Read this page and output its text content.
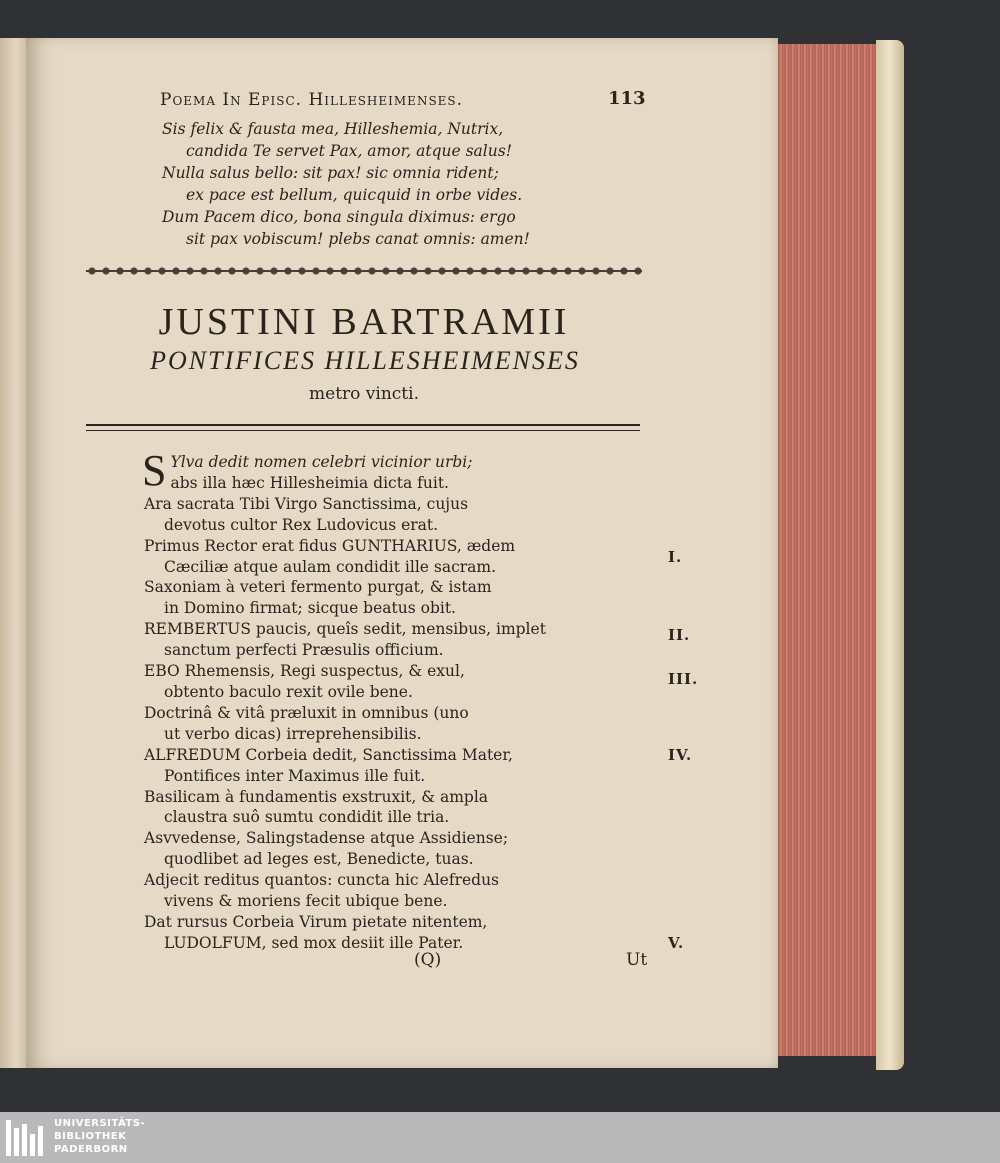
Poema In Episc. Hillesheimenses.	113
Sis felix & fausta mea, Hilleshemia, Nutrix,
candida Te servet Pax, amor, atque salus!
Nulla salus bello: sit pax! sic omnia rident;
ex pace est bellum, quicquid in orbe vides.
Dum Pacem dico, bona singula diximus: ergo
sit pax vobiscum! plebs canat omnis: amen!
JUSTINI BARTRAMII
PONTIFICES HILLESHEIMENSES
metro vincti.
S Ylva dedit nomen celebri vicinior urbi;
abs illa hæc Hillesheimia dicta fuit.
Ara sacrata Tibi Virgo Sanctissima, cujus
devotus cultor Rex Ludovicus erat.
Primus Rector erat fidus GUNTHARIUS, ædem
Cæciliæ atque aulam condidit ille sacram.
Saxoniam à veteri fermento purgat, & istam
in Domino firmat; sicque beatus obit.
REMBERTUS paucis, queîs sedit, mensibus, implet
sanctum perfecti Præsulis officium.
EBO Rhemensis, Regi suspectus, & exul,
obtento baculo rexit ovile bene.
Doctrinâ & vitâ præluxit in omnibus (uno
ut verbo dicas) irreprehensibilis.
ALFREDUM Corbeia dedit, Sanctissima Mater,
Pontifices inter Maximus ille fuit.
Basilicam à fundamentis exstruxit, & ampla
claustra suô sumtu condidit ille tria.
Asvvedense, Salingstadense atque Assidiense;
quodlibet ad leges est, Benedicte, tuas.
Adjecit reditus quantos: cuncta hic Alefredus
vivens & moriens fecit ubique bene.
Dat rursus Corbeia Virum pietate nitentem,
LUDOLFUM, sed mox desiit ille Pater.
I.
II.
III.
IV.
V.
(Q)	Ut
UNIVERSITÄTS-
BIBLIOTHEK
PADERBORN
